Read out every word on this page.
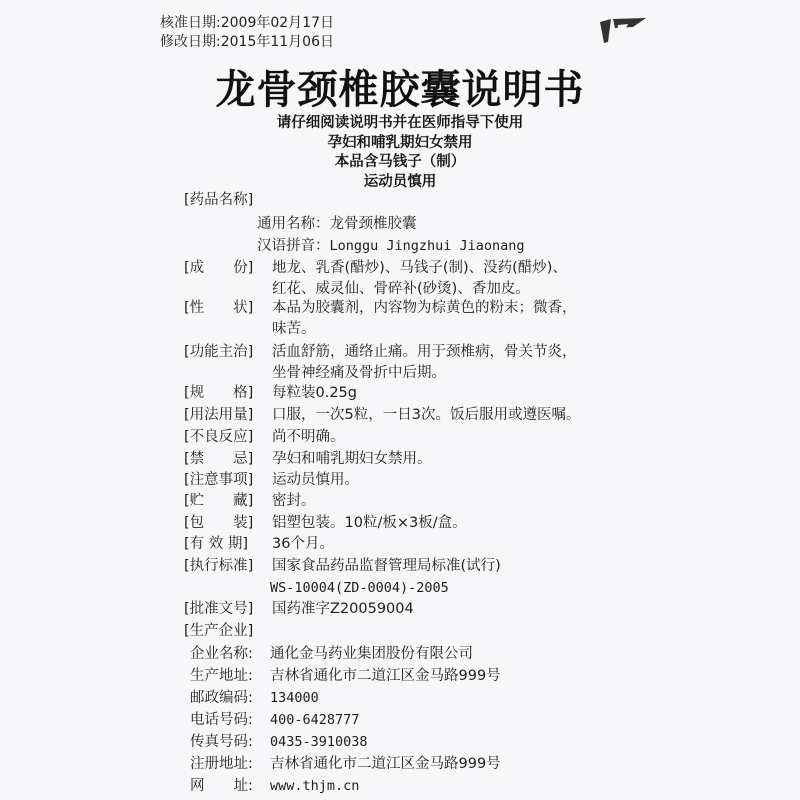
核准日期:2009年02月17日
修改日期:2015年11月06日
龙骨颈椎胶囊说明书
请仔细阅读说明书并在医师指导下使用
孕妇和哺乳期妇女禁用
本品含马钱子（制）
运动员慎用
[药品名称]
通用名称：龙骨颈椎胶囊
汉语拼音：Longgu Jingzhui Jiaonang
[成　　份] 地龙、乳香(醋炒)、马钱子(制)、没药(醋炒)、
红花、威灵仙、骨碎补(砂烫)、香加皮。
[性　　状] 本品为胶囊剂，内容物为棕黄色的粉末；微香，
味苦。
[功能主治] 活血舒筋，通络止痛。用于颈椎病，骨关节炎，
坐骨神经痛及骨折中后期。
[规　　格] 每粒装0.25g
[用法用量] 口服，一次5粒，一日3次。饭后服用或遵医嘱。
[不良反应] 尚不明确。
[禁　　忌] 孕妇和哺乳期妇女禁用。
[注意事项] 运动员慎用。
[贮　　藏] 密封。
[包　　装] 铝塑包装。10粒/板×3板/盒。
[有 效 期] 36个月。
[执行标准] 国家食品药品监督管理局标准(试行)
WS-10004(ZD-0004)-2005
[批准文号] 国药准字Z20059004
[生产企业]
企业名称: 通化金马药业集团股份有限公司
生产地址: 吉林省通化市二道江区金马路999号
邮政编码: 134000
电话号码: 400-6428777
传真号码: 0435-3910038
注册地址: 吉林省通化市二道江区金马路999号
网　　址: www.thjm.cn
